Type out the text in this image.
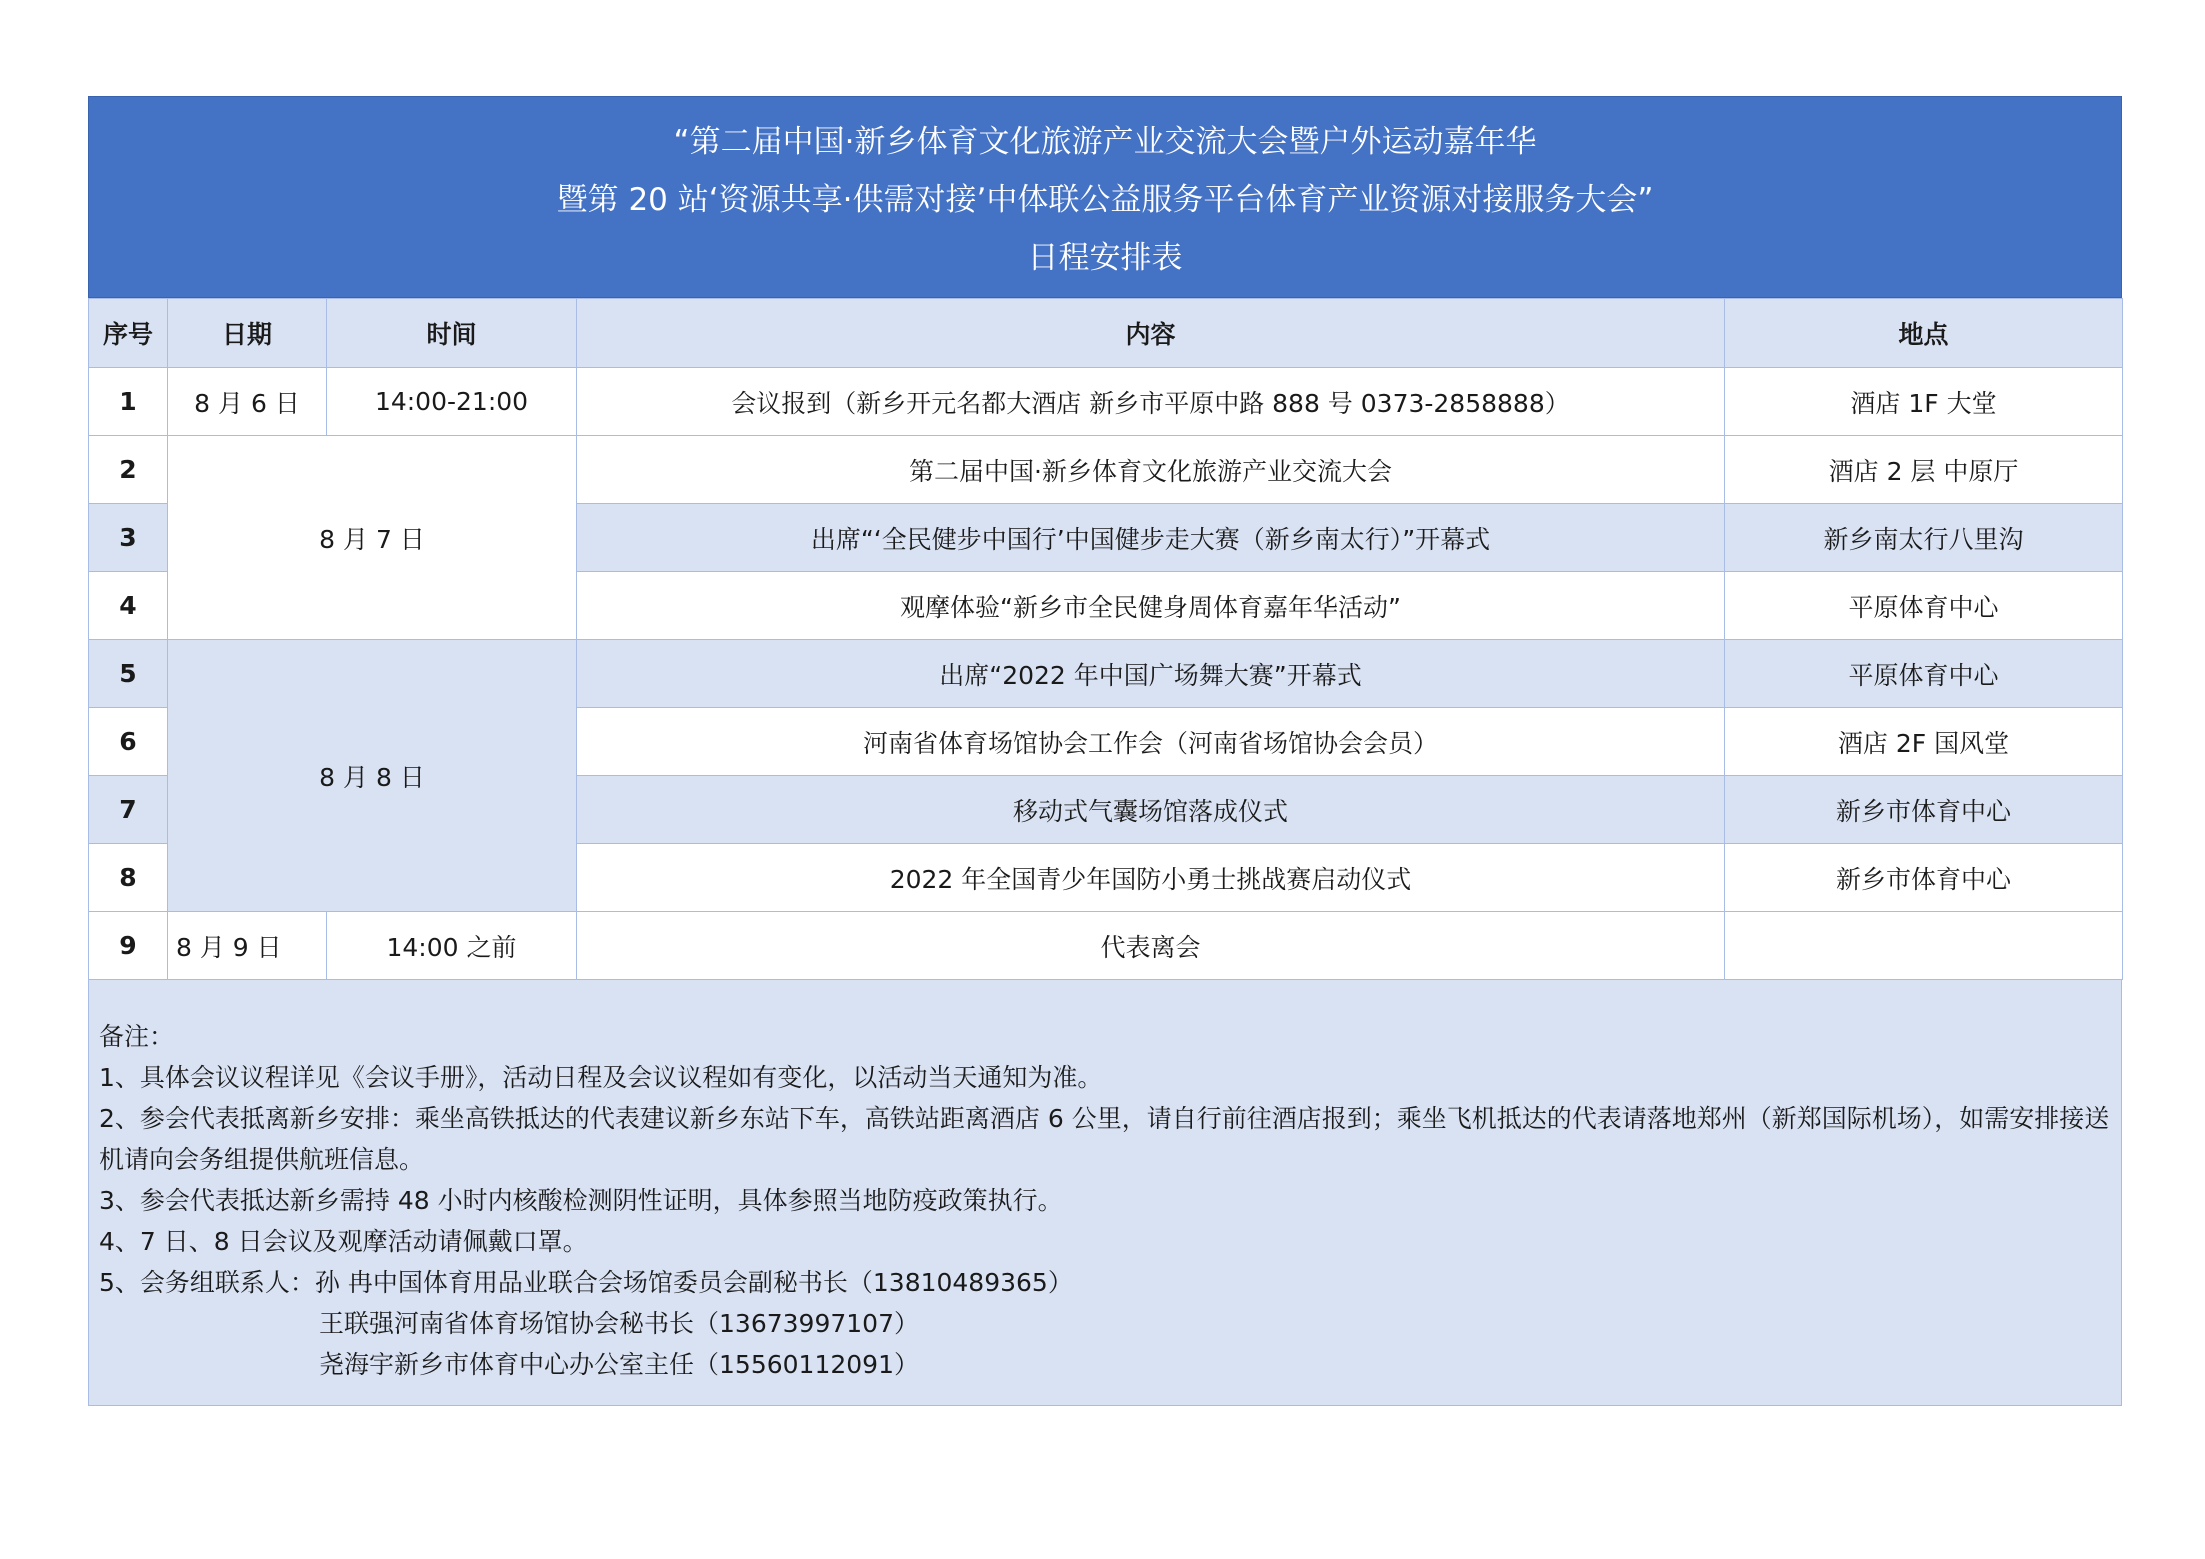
“第二届中国·新乡体育文化旅游产业交流大会暨户外运动嘉年华
暨第 20 站‘资源共享·供需对接’中体联公益服务平台体育产业资源对接服务大会”
日程安排表
序号	日期	时间	内容	地点
1	8 月 6 日	14:00-21:00	会议报到（新乡开元名都大酒店 新乡市平原中路 888 号 0373-2858888）	酒店 1F 大堂
2	8 月 7 日		第二届中国·新乡体育文化旅游产业交流大会	酒店 2 层 中原厅
3			出席“‘全民健步中国行’中国健步走大赛（新乡南太行）”开幕式	新乡南太行八里沟
4			观摩体验“新乡市全民健身周体育嘉年华活动”	平原体育中心
5	8 月 8 日		出席“2022 年中国广场舞大赛”开幕式	平原体育中心
6			河南省体育场馆协会工作会（河南省场馆协会会员）	酒店 2F 国风堂
7			移动式气囊场馆落成仪式	新乡市体育中心
8			2022 年全国青少年国防小勇士挑战赛启动仪式	新乡市体育中心
9	8 月 9 日	14:00 之前	代表离会	

备注：

1、具体会议议程详见《会议手册》，活动日程及会议议程如有变化，以活动当天通知为准。

2、参会代表抵离新乡安排：乘坐高铁抵达的代表建议新乡东站下车，高铁站距离酒店 6 公里，请自行前往酒店报到；乘坐飞机抵达的代表请落地郑州（新郑国际机场），如需安排接送机请向会务组提供航班信息。

3、参会代表抵达新乡需持 48 小时内核酸检测阴性证明，具体参照当地防疫政策执行。

4、7 日、8 日会议及观摩活动请佩戴口罩。

5、会务组联系人：孙 冉中国体育用品业联合会场馆委员会副秘书长（13810489365）

王联强河南省体育场馆协会秘书长（13673997107）

尧海宇新乡市体育中心办公室主任（15560112091）
